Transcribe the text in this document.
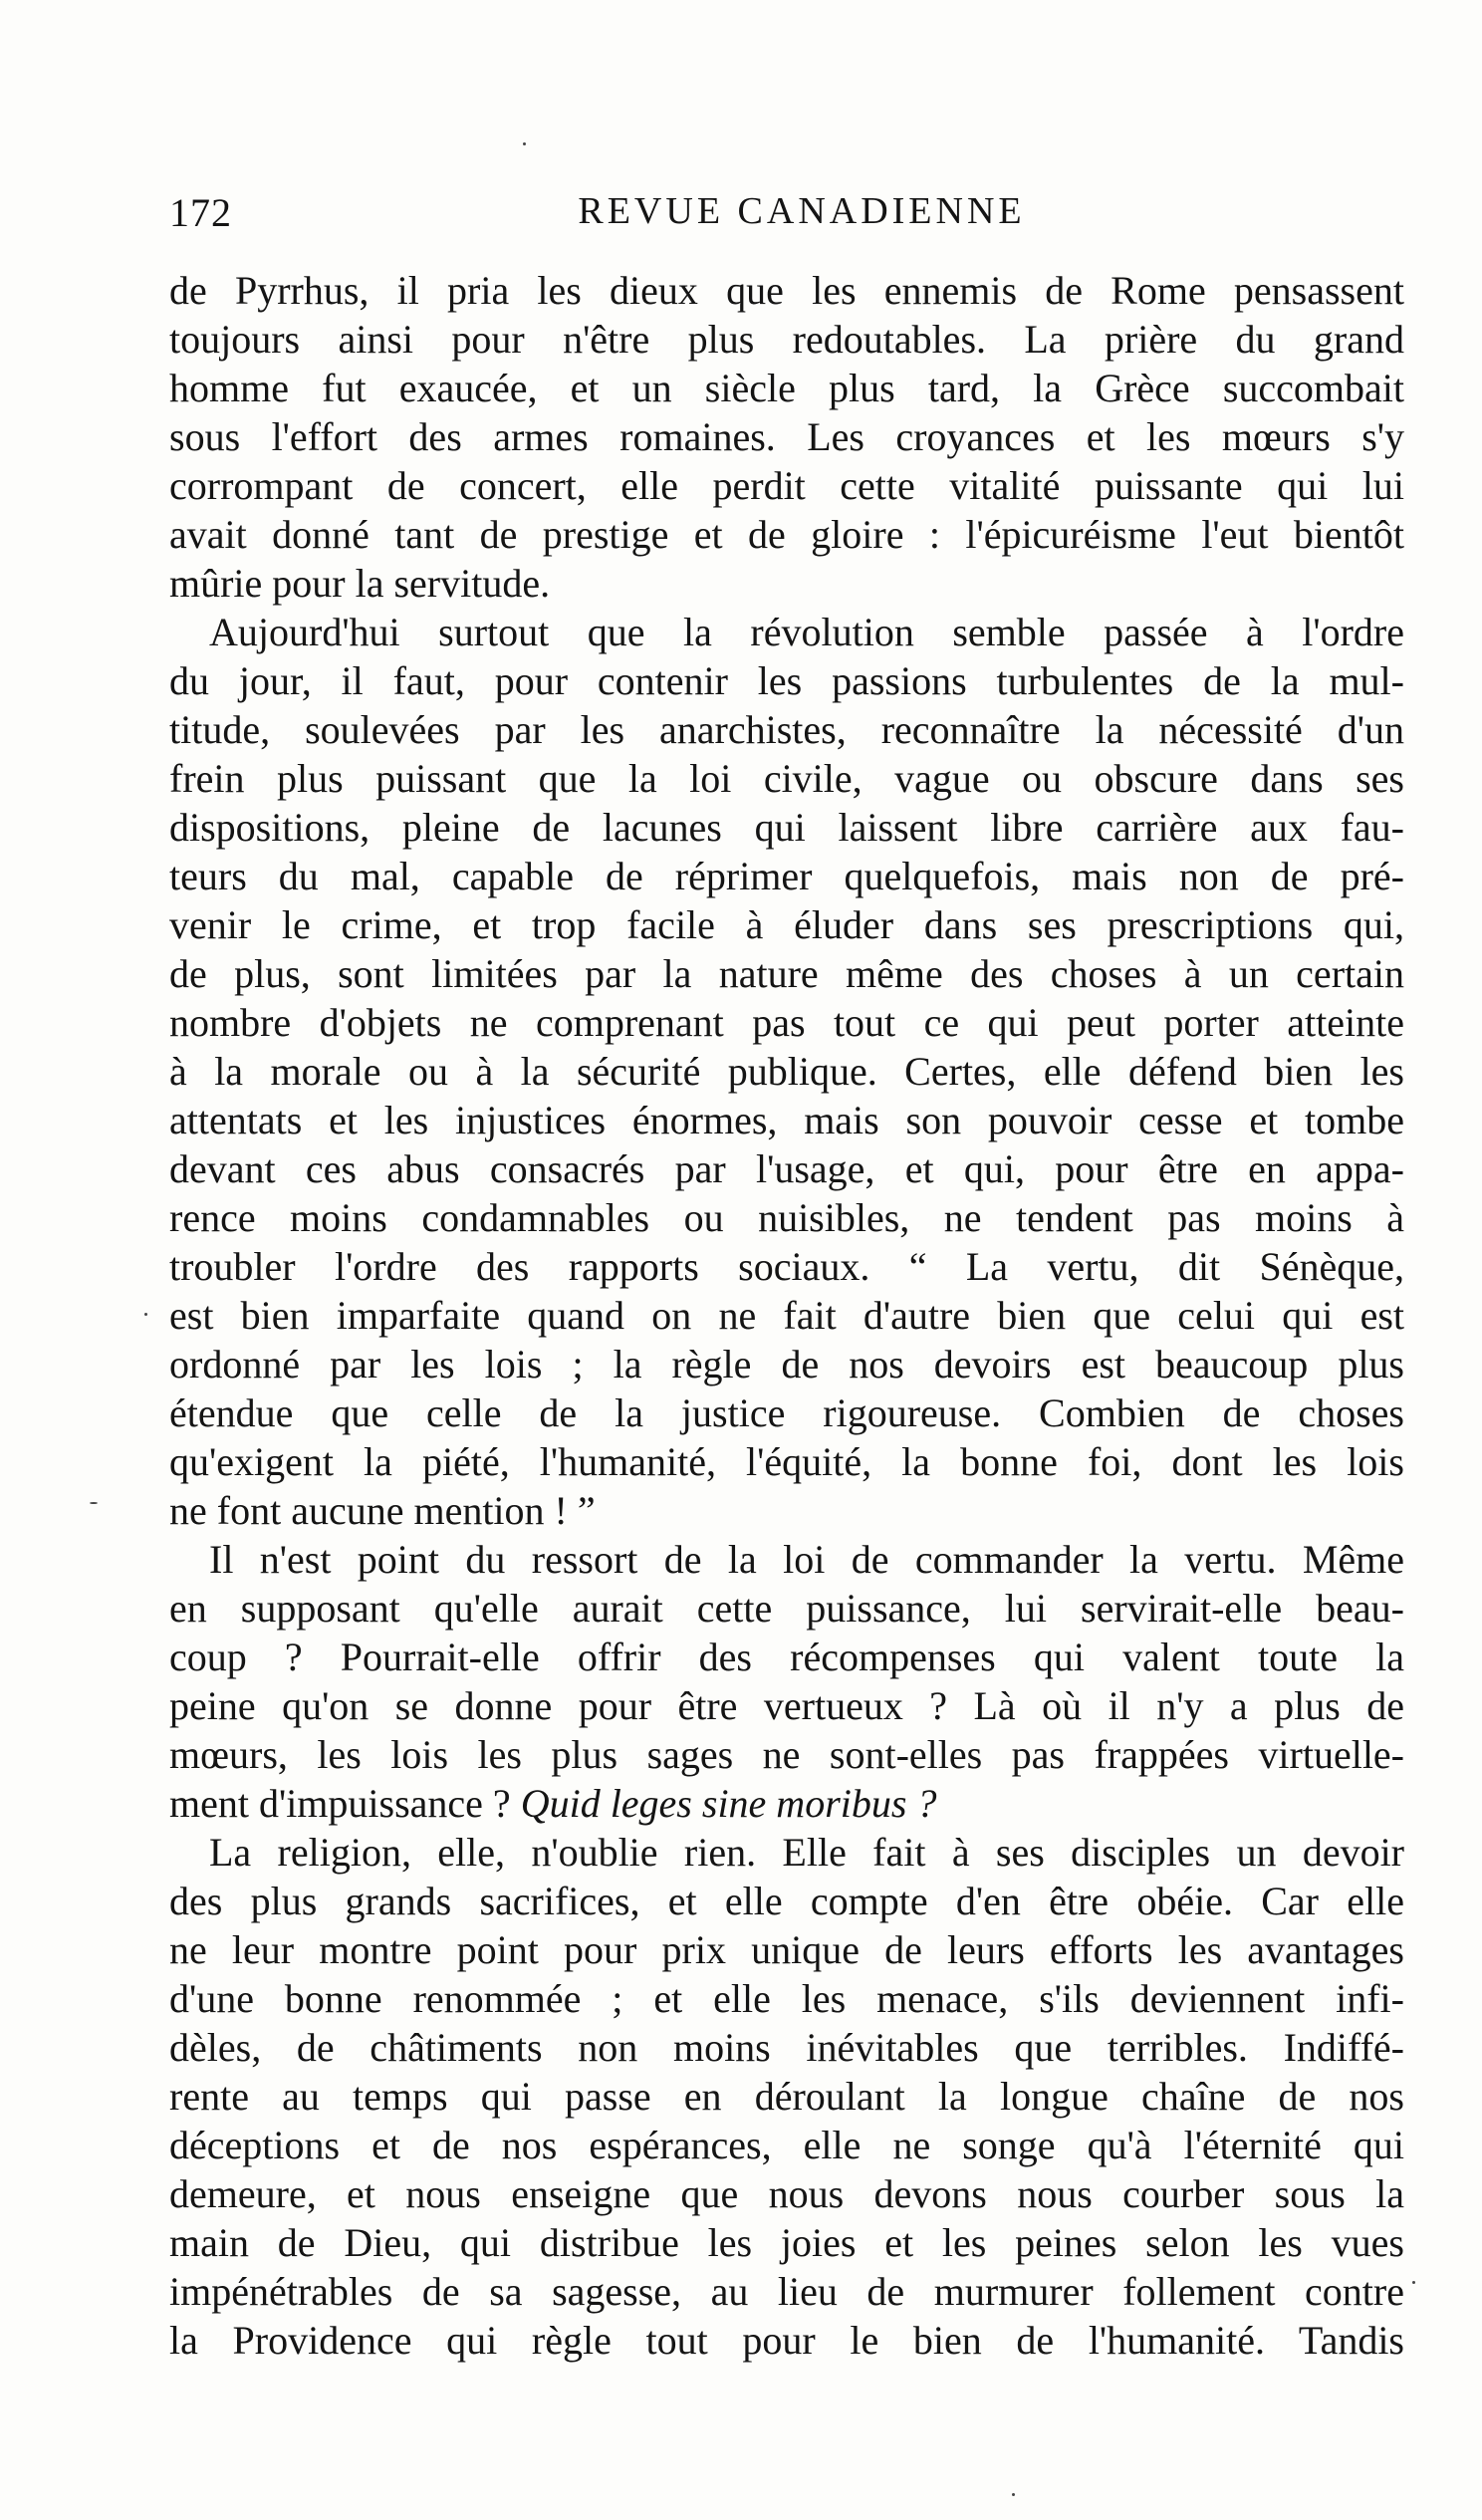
172	REVUE CANADIENNE
de Pyrrhus, il pria les dieux que les ennemis de Rome pensassent
toujours ainsi pour n'être plus redoutables. La prière du grand
homme fut exaucée, et un siècle plus tard, la Grèce succombait
sous l'effort des armes romaines. Les croyances et les mœurs s'y
corrompant de concert, elle perdit cette vitalité puissante qui lui
avait donné tant de prestige et de gloire : l'épicuréisme l'eut bientôt
mûrie pour la servitude.
Aujourd'hui surtout que la révolution semble passée à l'ordre
du jour, il faut, pour contenir les passions turbulentes de la mul-
titude, soulevées par les anarchistes, reconnaître la nécessité d'un
frein plus puissant que la loi civile, vague ou obscure dans ses
dispositions, pleine de lacunes qui laissent libre carrière aux fau-
teurs du mal, capable de réprimer quelquefois, mais non de pré-
venir le crime, et trop facile à éluder dans ses prescriptions qui,
de plus, sont limitées par la nature même des choses à un certain
nombre d'objets ne comprenant pas tout ce qui peut porter atteinte
à la morale ou à la sécurité publique. Certes, elle défend bien les
attentats et les injustices énormes, mais son pouvoir cesse et tombe
devant ces abus consacrés par l'usage, et qui, pour être en appa-
rence moins condamnables ou nuisibles, ne tendent pas moins à
troubler l'ordre des rapports sociaux. “ La vertu, dit Sénèque,
est bien imparfaite quand on ne fait d'autre bien que celui qui est
ordonné par les lois ; la règle de nos devoirs est beaucoup plus
étendue que celle de la justice rigoureuse. Combien de choses
qu'exigent la piété, l'humanité, l'équité, la bonne foi, dont les lois
ne font aucune mention ! ”
Il n'est point du ressort de la loi de commander la vertu. Même
en supposant qu'elle aurait cette puissance, lui servirait-elle beau-
coup ? Pourrait-elle offrir des récompenses qui valent toute la
peine qu'on se donne pour être vertueux ? Là où il n'y a plus de
mœurs, les lois les plus sages ne sont-elles pas frappées virtuelle-
ment d'impuissance ? Quid leges sine moribus ?
La religion, elle, n'oublie rien. Elle fait à ses disciples un devoir
des plus grands sacrifices, et elle compte d'en être obéie. Car elle
ne leur montre point pour prix unique de leurs efforts les avantages
d'une bonne renommée ; et elle les menace, s'ils deviennent infi-
dèles, de châtiments non moins inévitables que terribles. Indiffé-
rente au temps qui passe en déroulant la longue chaîne de nos
déceptions et de nos espérances, elle ne songe qu'à l'éternité qui
demeure, et nous enseigne que nous devons nous courber sous la
main de Dieu, qui distribue les joies et les peines selon les vues
impénétrables de sa sagesse, au lieu de murmurer follement contre
la Providence qui règle tout pour le bien de l'humanité. Tandis
